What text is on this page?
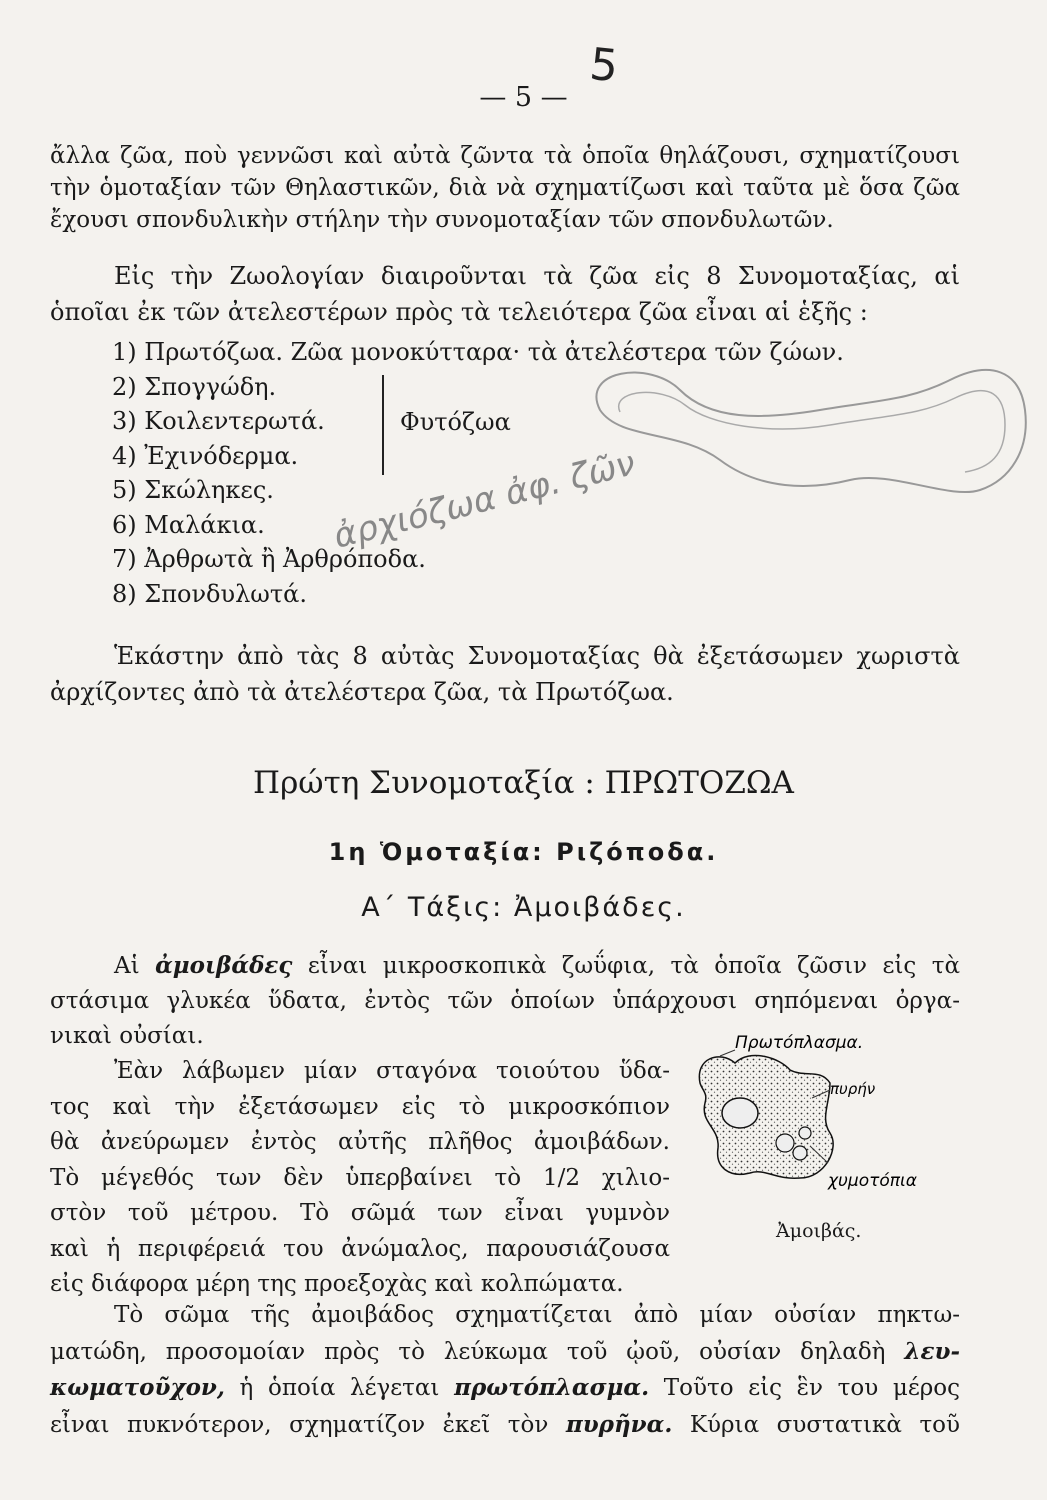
— 5 —
5
ἄλλα ζῶα, ποὺ γεννῶσι καὶ αὐτὰ ζῶντα τὰ ὁποῖα θηλάζουσι, σχηματίζουσι
τὴν ὁμοταξίαν τῶν Θηλαστικῶν, διὰ νὰ σχηματίζωσι καὶ ταῦτα μὲ ὅσα ζῶα
ἔχουσι σπονδυλικὴν στήλην τὴν συνομοταξίαν τῶν σπονδυλωτῶν.
Εἰς τὴν Ζωολογίαν διαιροῦνται τὰ ζῶα εἰς 8 Συνομοταξίας, αἱ
ὁποῖαι ἐκ τῶν ἀτελεστέρων πρὸς τὰ τελειότερα ζῶα εἶναι αἱ ἑξῆς :
1) Πρωτόζωα. Ζῶα μονοκύτταρα· τὰ ἀτελέστερα τῶν ζώων.
2) Σπογγώδη.
3) Κοιλεντερωτά.
4) Ἐχινόδερμα.
5) Σκώληκες.
6) Μαλάκια.
7) Ἀρθρωτὰ ἢ Ἀρθρόποδα.
8) Σπονδυλωτά.
Φυτόζωα
ἀρχιόζωα ἀφ. ζῶν
Ἑκάστην ἀπὸ τὰς 8 αὐτὰς Συνομοταξίας θὰ ἐξετάσωμεν χωριστὰ
ἀρχίζοντες ἀπὸ τὰ ἀτελέστερα ζῶα, τὰ Πρωτόζωα.
Πρώτη Συνομοταξία : ΠΡΩΤΟΖΩΑ
1η Ὁμοταξία: Ριζόποδα.
Α΄ Τάξις: Ἀμοιβάδες.
Αἱ ἀμοιβάδες εἶναι μικροσκοπικὰ ζωΰφια, τὰ ὁποῖα ζῶσιν εἰς τὰ
στάσιμα γλυκέα ὕδατα, ἐντὸς τῶν ὁποίων ὑπάρχουσι σηπόμεναι ὀργα-
νικαὶ οὐσίαι.
Ἐὰν λάβωμεν μίαν σταγόνα τοιούτου ὕδα-
τος καὶ τὴν ἐξετάσωμεν εἰς τὸ μικροσκόπιον
θὰ ἀνεύρωμεν ἐντὸς αὐτῆς πλῆθος ἀμοιβάδων.
Τὸ μέγεθός των δὲν ὑπερβαίνει τὸ 1/2 χιλιο-
στὸν τοῦ μέτρου. Τὸ σῶμά των εἶναι γυμνὸν
καὶ ἡ περιφέρειά του ἀνώμαλος, παρουσιάζουσα
εἰς διάφορα μέρη της προεξοχὰς καὶ κολπώματα.
Πρωτόπλασμα.
πυρήν
χυμοτόπια
Ἀμοιβάς.
Τὸ σῶμα τῆς ἀμοιβάδος σχηματίζεται ἀπὸ μίαν οὐσίαν πηκτω-
ματώδη, προσομοίαν πρὸς τὸ λεύκωμα τοῦ ᾠοῦ, οὐσίαν δηλαδὴ λευ-
κωματοῦχον, ἡ ὁποία λέγεται πρωτόπλασμα. Τοῦτο εἰς ἓν του μέρος
εἶναι πυκνότερον, σχηματίζον ἐκεῖ τὸν πυρῆνα. Κύρια συστατικὰ τοῦ
